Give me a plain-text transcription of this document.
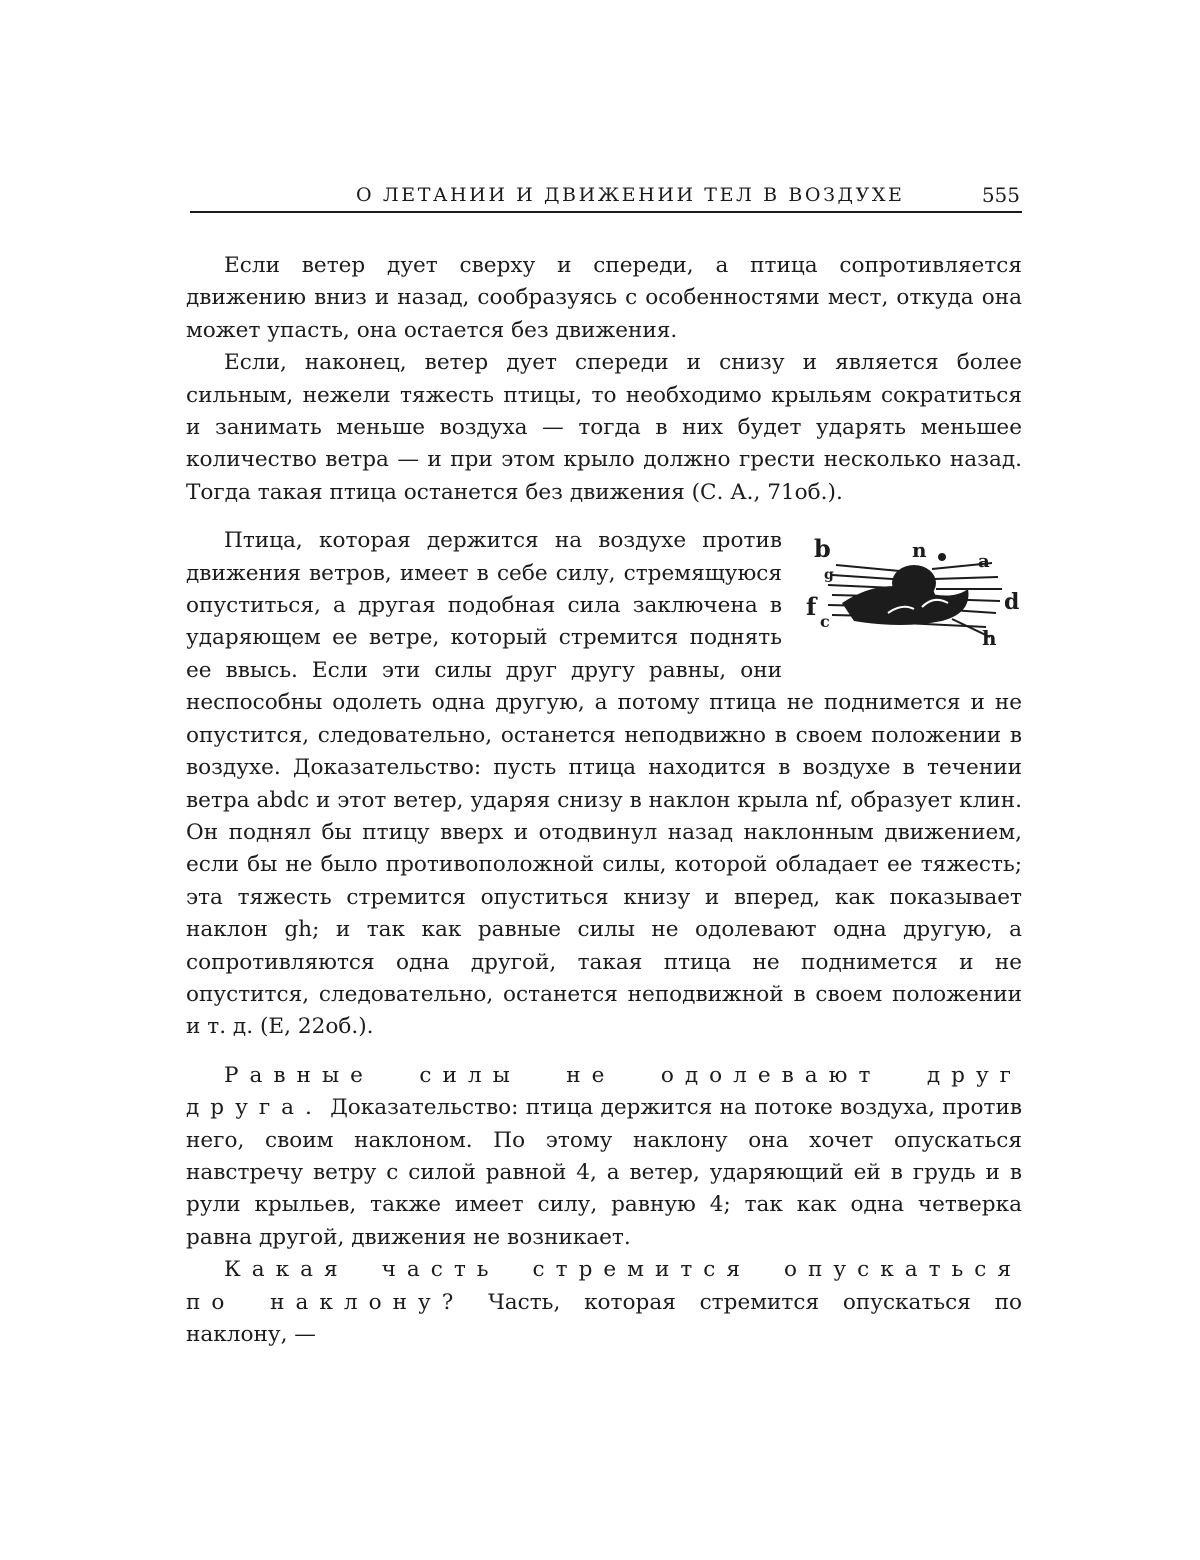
О ЛЕТАНИИ И ДВИЖЕНИИ ТЕЛ В ВОЗДУХЕ	555

Если ветер дует сверху и спереди, а птица сопротивляется движению вниз и назад, сообразуясь с особенностями мест, откуда она может упасть, она остается без движения.

Если, наконец, ветер дует спереди и снизу и является более сильным, нежели тяжесть птицы, то необходимо крыльям сократиться и занимать меньше воздуха — тогда в них будет ударять меньшее количество ветра — и при этом крыло должно грести несколько назад. Тогда такая птица останется без движения (С. А., 71об.).

b	n	a
g
f
c
d
h

Птица, которая держится на воздухе против движения ветров, имеет в себе силу, стремящуюся опуститься, а другая подобная сила заключена в ударяющем ее ветре, который стремится поднять ее ввысь. Если эти силы друг другу равны, они неспособны одолеть одна другую, а потому птица не поднимется и не опустится, следовательно, останется неподвижно в своем положении в воздухе. Доказательство: пусть птица находится в воздухе в течении ветра abdc и этот ветер, ударяя снизу в наклон крыла nf, образует клин. Он поднял бы птицу вверх и отодвинул назад наклонным движением, если бы не было противоположной силы, которой обладает ее тяжесть; эта тяжесть стремится опуститься книзу и вперед, как показывает наклон gh; и так как равные силы не одолевают одна другую, а сопротивляются одна другой, такая птица не поднимется и не опустится, следовательно, останется неподвижной в своем положении и т. д. (E, 22об.).

Равные силы не одолевают друг друга. Доказательство: птица держится на потоке воздуха, против него, своим наклоном. По этому наклону она хочет опускаться навстречу ветру с силой равной 4, а ветер, ударяющий ей в грудь и в рули крыльев, также имеет силу, равную 4; так как одна четверка равна другой, движения не возникает.

Какая часть стремится опускаться по наклону? Часть, которая стремится опускаться по наклону, —
